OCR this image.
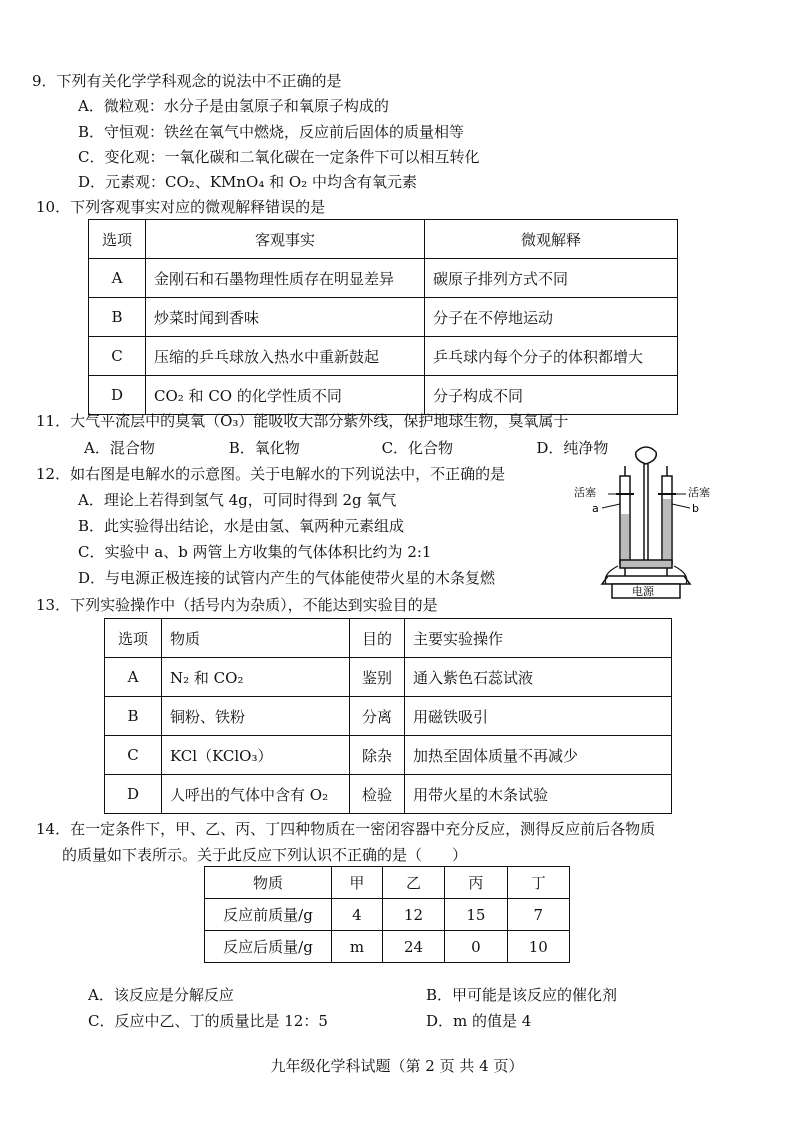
9．下列有关化学学科观念的说法中不正确的是
A．微粒观：水分子是由氢原子和氧原子构成的
B．守恒观：铁丝在氧气中燃烧，反应前后固体的质量相等
C．变化观：一氧化碳和二氧化碳在一定条件下可以相互转化
D．元素观：CO₂、KMnO₄ 和 O₂ 中均含有氧元素
10．下列客观事实对应的微观解释错误的是
选项	客观事实	微观解释
A	金刚石和石墨物理性质存在明显差异	碳原子排列方式不同
B	炒菜时闻到香味	分子在不停地运动
C	压缩的乒乓球放入热水中重新鼓起	乒乓球内每个分子的体积都增大
D	CO₂ 和 CO 的化学性质不同	分子构成不同
11．大气平流层中的臭氧（O₃）能吸收大部分紫外线，保护地球生物，臭氧属于
A．混合物	B．氧化物	C．化合物	D．纯净物
12．如右图是电解水的示意图。关于电解水的下列说法中，不正确的是
A．理论上若得到氢气 4g，可同时得到 2g 氧气
B．此实验得出结论，水是由氢、氧两种元素组成
C．实验中 a、b 两管上方收集的气体体积比约为 2:1
D．与电源正极连接的试管内产生的气体能使带火星的木条复燃
活塞	活塞
a	b
电源
13．下列实验操作中（括号内为杂质），不能达到实验目的是
选项	物质	目的	主要实验操作
A	N₂ 和 CO₂	鉴别	通入紫色石蕊试液
B	铜粉、铁粉	分离	用磁铁吸引
C	KCl（KClO₃）	除杂	加热至固体质量不再减少
D	人呼出的气体中含有 O₂	检验	用带火星的木条试验
14．在一定条件下，甲、乙、丙、丁四种物质在一密闭容器中充分反应，测得反应前后各物质
的质量如下表所示。关于此反应下列认识不正确的是（　　）
物质	甲	乙	丙	丁
反应前质量/g	4	12	15	7
反应后质量/g	m	24	0	10
A．该反应是分解反应	B．甲可能是该反应的催化剂
C．反应中乙、丁的质量比是 12：5	D．m 的值是 4
九年级化学科试题（第 2 页 共 4 页）
